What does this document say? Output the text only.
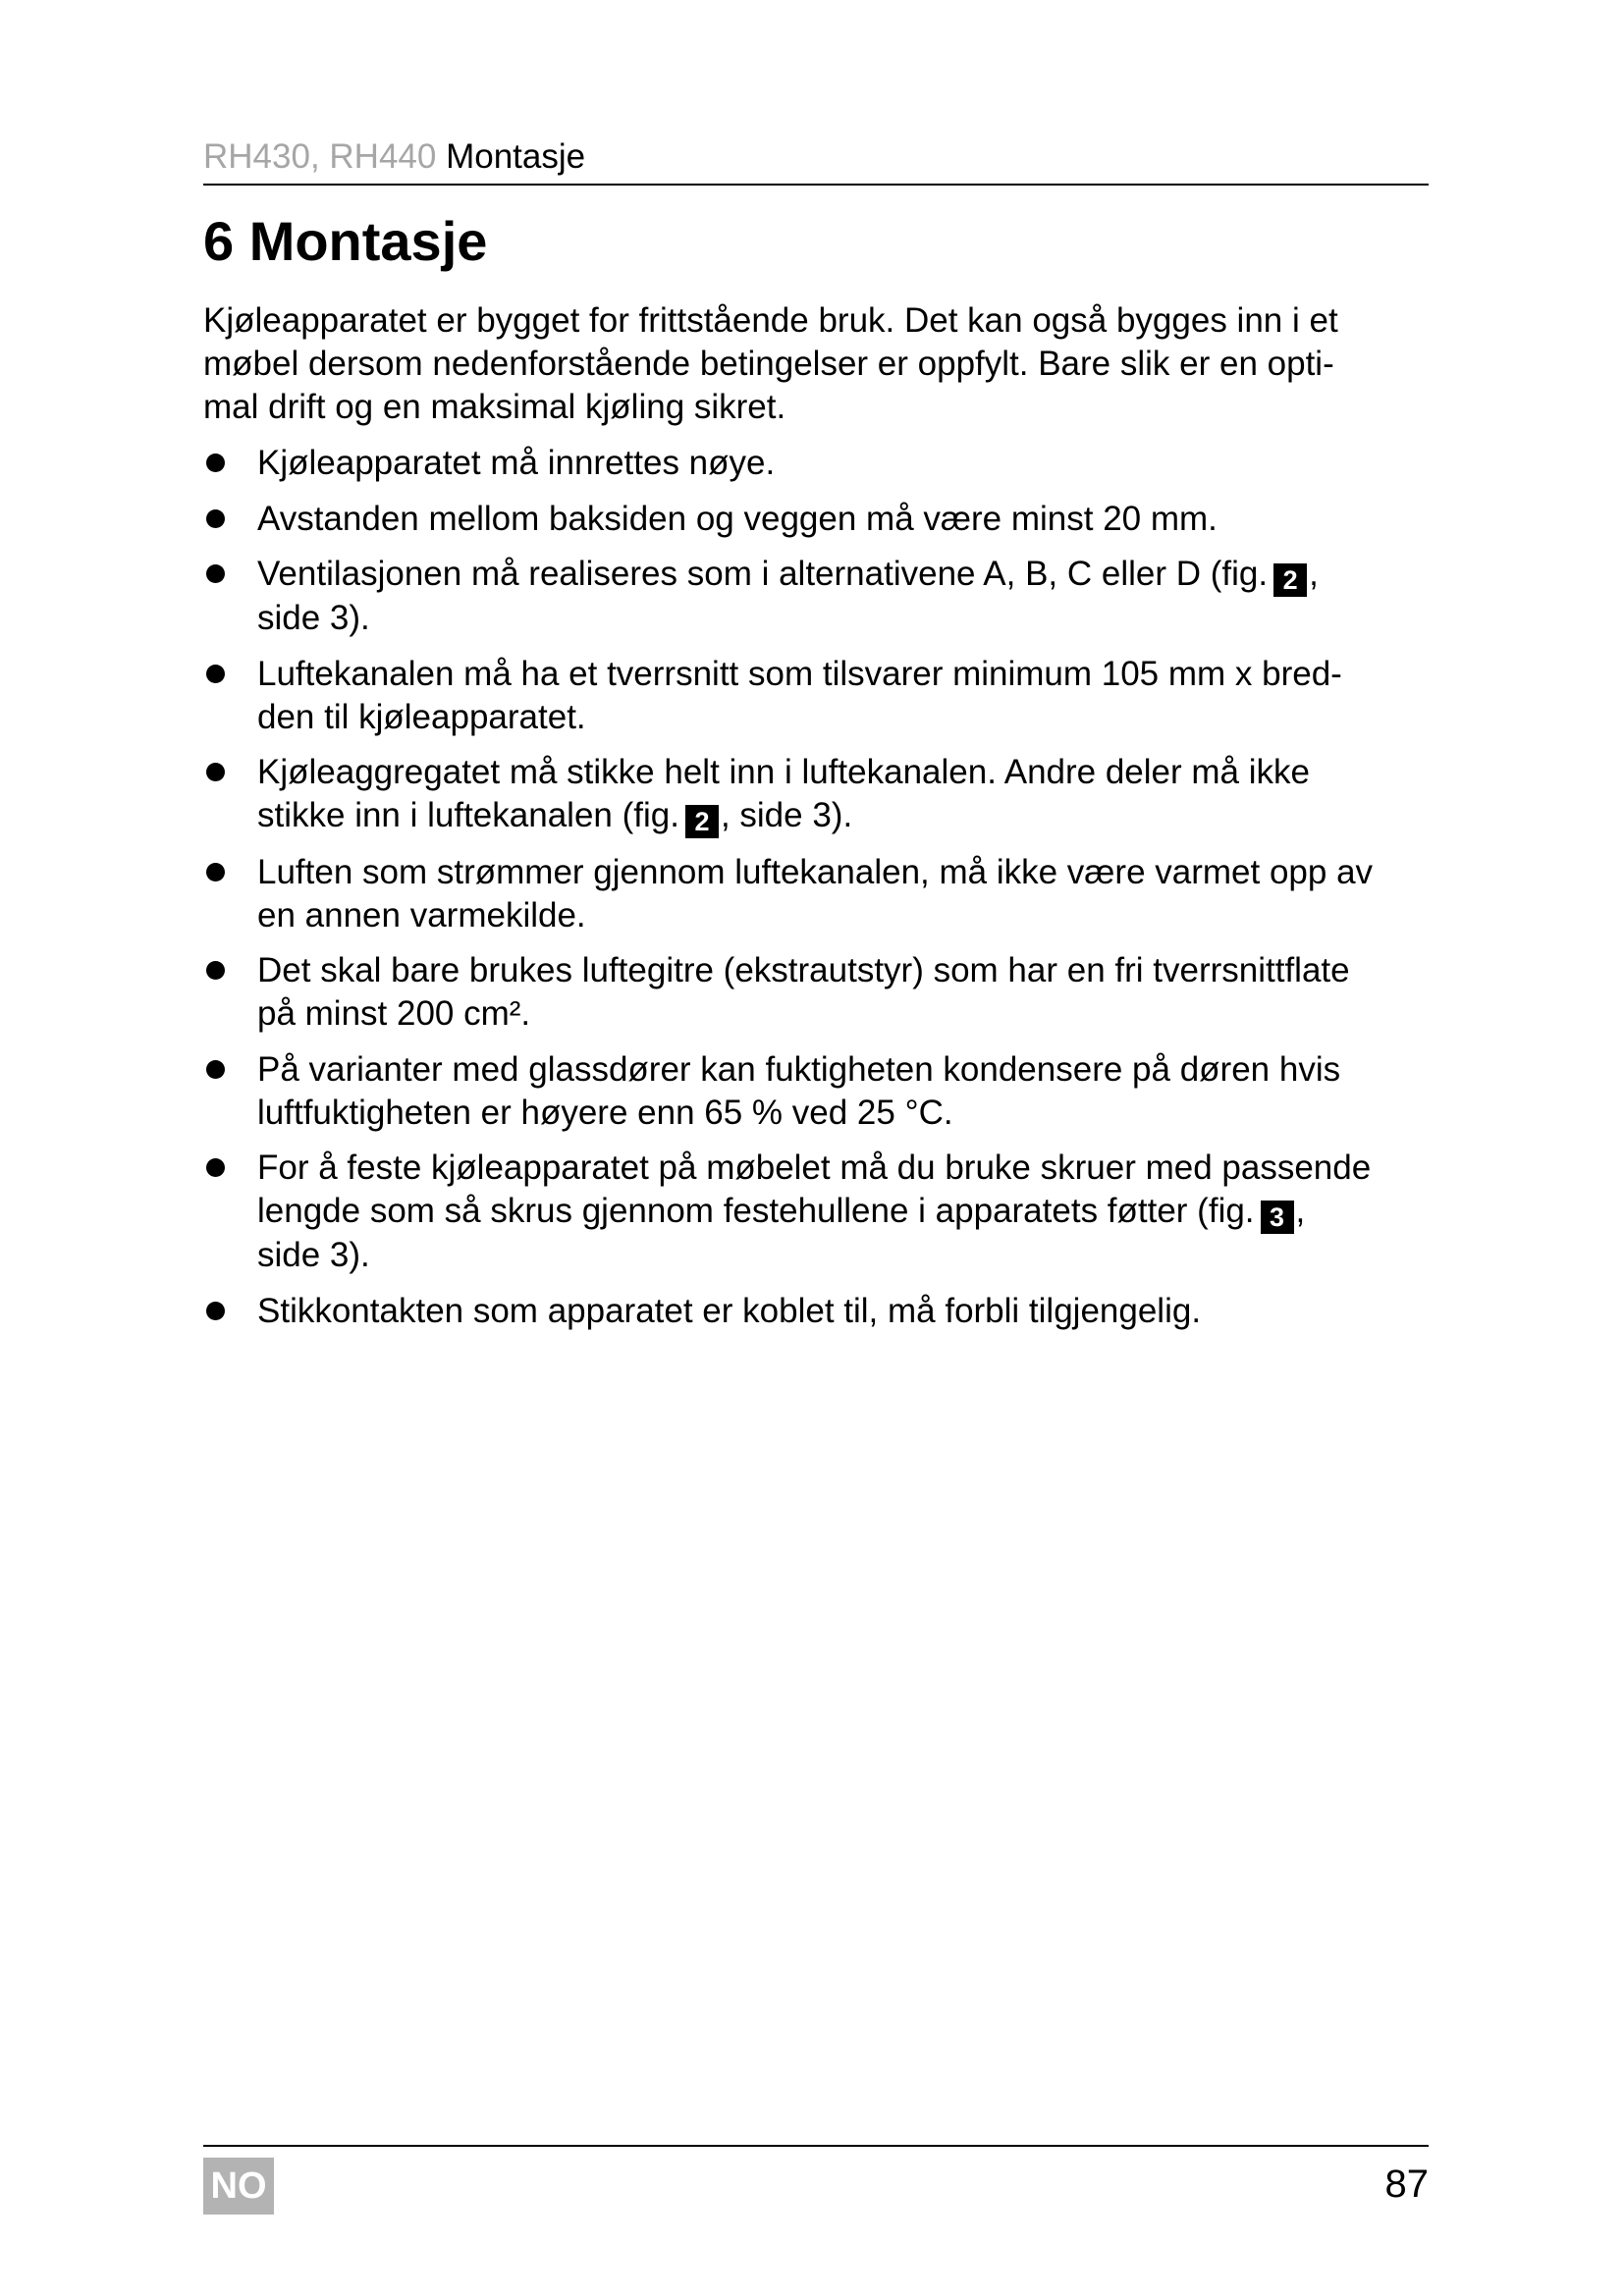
RH430, RH440 Montasje
6 Montasje

Kjøleapparatet er bygget for frittstående bruk. Det kan også bygges inn i et
møbel dersom nedenforstående betingelser er oppfylt. Bare slik er en opti-
mal drift og en maksimal kjøling sikret.

Kjøleapparatet må innrettes nøye.
Avstanden mellom baksiden og veggen må være minst 20 mm.
Ventilasjonen må realiseres som i alternativene A, B, C eller D (fig. 2 ,
side 3).
Luftekanalen må ha et tverrsnitt som tilsvarer minimum 105 mm x bred-
den til kjøleapparatet.
Kjøleaggregatet må stikke helt inn i luftekanalen. Andre deler må ikke
stikke inn i luftekanalen (fig. 2 , side 3).
Luften som strømmer gjennom luftekanalen, må ikke være varmet opp av
en annen varmekilde.
Det skal bare brukes luftegitre (ekstrautstyr) som har en fri tverrsnittflate
på minst 200 cm².
På varianter med glassdører kan fuktigheten kondensere på døren hvis
luftfuktigheten er høyere enn 65 % ved 25 °C.
For å feste kjøleapparatet på møbelet må du bruke skruer med passende
lengde som så skrus gjennom festehullene i apparatets føtter (fig. 3 ,
side 3).
Stikkontakten som apparatet er koblet til, må forbli tilgjengelig.
NO	87
